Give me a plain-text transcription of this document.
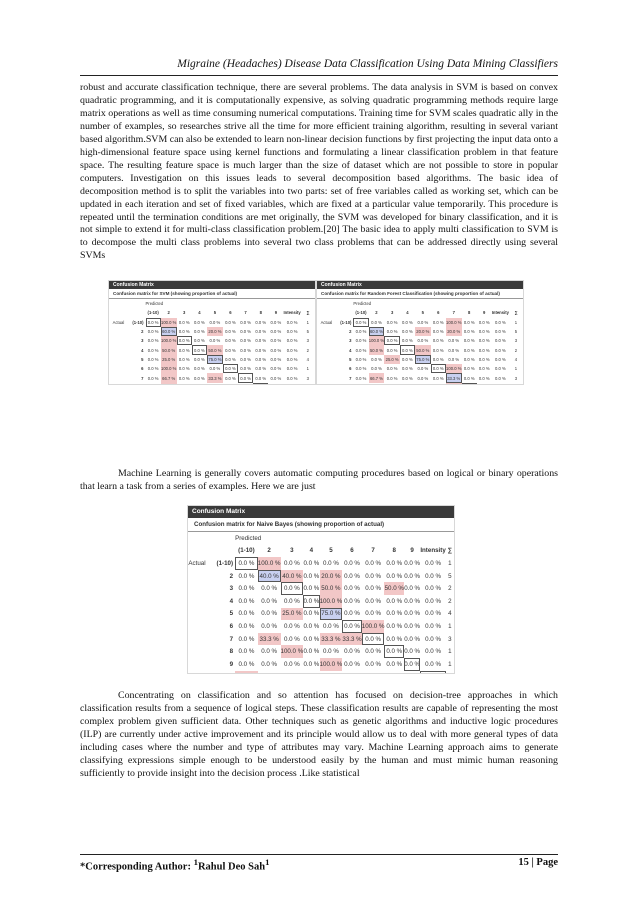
Migraine (Headaches) Disease Data Classification Using Data Mining Classifiers

robust and accurate classification technique, there are several problems. The data analysis in SVM is based on convex quadratic programming, and it is computationally expensive, as solving quadratic programming methods require large matrix operations as well as time consuming numerical computations. Training time for SVM scales quadratic ally in the number of examples, so researches strive all the time for more efficient training algorithm, resulting in several variant based algorithm.SVM can also be extended to learn non-linear decision functions by first projecting the input data onto a high-dimensional feature space using kernel functions and formulating a linear classification problem in that feature space. The resulting feature space is much larger than the size of dataset which are not possible to store in popular computers. Investigation on this issues leads to several decomposition based algorithms. The basic idea of decomposition method is to split the variables into two parts: set of free variables called as working set, which can be updated in each iteration and set of fixed variables, which are fixed at a particular value temporarily. This procedure is repeated until the termination conditions are met originally, the SVM was developed for binary classification, and it is not simple to extend it for multi-class classification problem.[20] The basic idea to apply multi classification to SVM is to decompose the multi class problems into several two class problems that can be addressed directly using several SVMs

Confusion Matrix
Confusion matrix for SVM (showing proportion of actual)
		Predicted										
		(1-10)	2	3	4	5	6	7	8	9	Intensity	∑
Actual	(1-10)	0.0 %	100.0 %	0.0 %	0.0 %	0.0 %	0.0 %	0.0 %	0.0 %	0.0 %	0.0 %	1
	2	0.0 %	60.0 %	0.0 %	0.0 %	20.0 %	0.0 %	0.0 %	0.0 %	0.0 %	0.0 %	5
	3	0.0 %	100.0 %	0.0 %	0.0 %	0.0 %	0.0 %	0.0 %	0.0 %	0.0 %	0.0 %	3
	4	0.0 %	50.0 %	0.0 %	0.0 %	50.0 %	0.0 %	0.0 %	0.0 %	0.0 %	0.0 %	2
	5	0.0 %	25.0 %	0.0 %	0.0 %	75.0 %	0.0 %	0.0 %	0.0 %	0.0 %	0.0 %	4
	6	0.0 %	100.0 %	0.0 %	0.0 %	0.0 %	0.0 %	0.0 %	0.0 %	0.0 %	0.0 %	1
	7	0.0 %	66.7 %	0.0 %	0.0 %	33.3 %	0.0 %	0.0 %	0.0 %	0.0 %	0.0 %	3

Confusion Matrix
Confusion matrix for Random Forest Classification (showing proportion of actual)
		Predicted										
		(1-10)	2	3	4	5	6	7	8	9	Intensity	∑
Actual	(1-10)	0.0 %	0.0 %	0.0 %	0.0 %	0.0 %	0.0 %	100.0 %	0.0 %	0.0 %	0.0 %	1
	2	0.0 %	60.0 %	0.0 %	0.0 %	20.0 %	0.0 %	20.0 %	0.0 %	0.0 %	0.0 %	5
	3	0.0 %	100.0 %	0.0 %	0.0 %	0.0 %	0.0 %	0.0 %	0.0 %	0.0 %	0.0 %	3
	4	0.0 %	50.0 %	0.0 %	0.0 %	50.0 %	0.0 %	0.0 %	0.0 %	0.0 %	0.0 %	2
	5	0.0 %	0.0 %	25.0 %	0.0 %	75.0 %	0.0 %	0.0 %	0.0 %	0.0 %	0.0 %	4
	6	0.0 %	0.0 %	0.0 %	0.0 %	0.0 %	0.0 %	100.0 %	0.0 %	0.0 %	0.0 %	1
	7	0.0 %	66.7 %	0.0 %	0.0 %	0.0 %	0.0 %	33.3 %	0.0 %	0.0 %	0.0 %	3

Machine Learning is generally covers automatic computing procedures based on logical or binary operations that learn a task from a series of examples. Here we are just

Confusion Matrix
Confusion matrix for Naive Bayes (showing proportion of actual)
		Predicted										
		(1-10)	2	3	4	5	6	7	8	9	Intensity	∑
Actual	(1-10)	0.0 %	100.0 %	0.0 %	0.0 %	0.0 %	0.0 %	0.0 %	0.0 %	0.0 %	0.0 %	1
	2	0.0 %	40.0 %	40.0 %	0.0 %	20.0 %	0.0 %	0.0 %	0.0 %	0.0 %	0.0 %	5
	3	0.0 %	0.0 %	0.0 %	0.0 %	50.0 %	0.0 %	0.0 %	50.0 %	0.0 %	0.0 %	2
	4	0.0 %	0.0 %	0.0 %	0.0 %	100.0 %	0.0 %	0.0 %	0.0 %	0.0 %	0.0 %	2
	5	0.0 %	0.0 %	25.0 %	0.0 %	75.0 %	0.0 %	0.0 %	0.0 %	0.0 %	0.0 %	4
	6	0.0 %	0.0 %	0.0 %	0.0 %	0.0 %	0.0 %	100.0 %	0.0 %	0.0 %	0.0 %	1
	7	0.0 %	33.3 %	0.0 %	0.0 %	33.3 %	33.3 %	0.0 %	0.0 %	0.0 %	0.0 %	3
	8	0.0 %	0.0 %	100.0 %	0.0 %	0.0 %	0.0 %	0.0 %	0.0 %	0.0 %	0.0 %	1
	9	0.0 %	0.0 %	0.0 %	0.0 %	100.0 %	0.0 %	0.0 %	0.0 %	0.0 %	0.0 %	1

Concentrating on classification and so attention has focused on decision-tree approaches in which classification results from a sequence of logical steps. These classification results are capable of representing the most complex problem given sufficient data. Other techniques such as genetic algorithms and inductive logic procedures (ILP) are currently under active improvement and its principle would allow us to deal with more general types of data including cases where the number and type of attributes may vary. Machine Learning approach aims to generate classifying expressions simple enough to be understood easily by the human and must mimic human reasoning sufficiently to provide insight into the decision process .Like statistical

*Corresponding Author: $^1$Rahul Deo Sah$^1$	15 | Page
